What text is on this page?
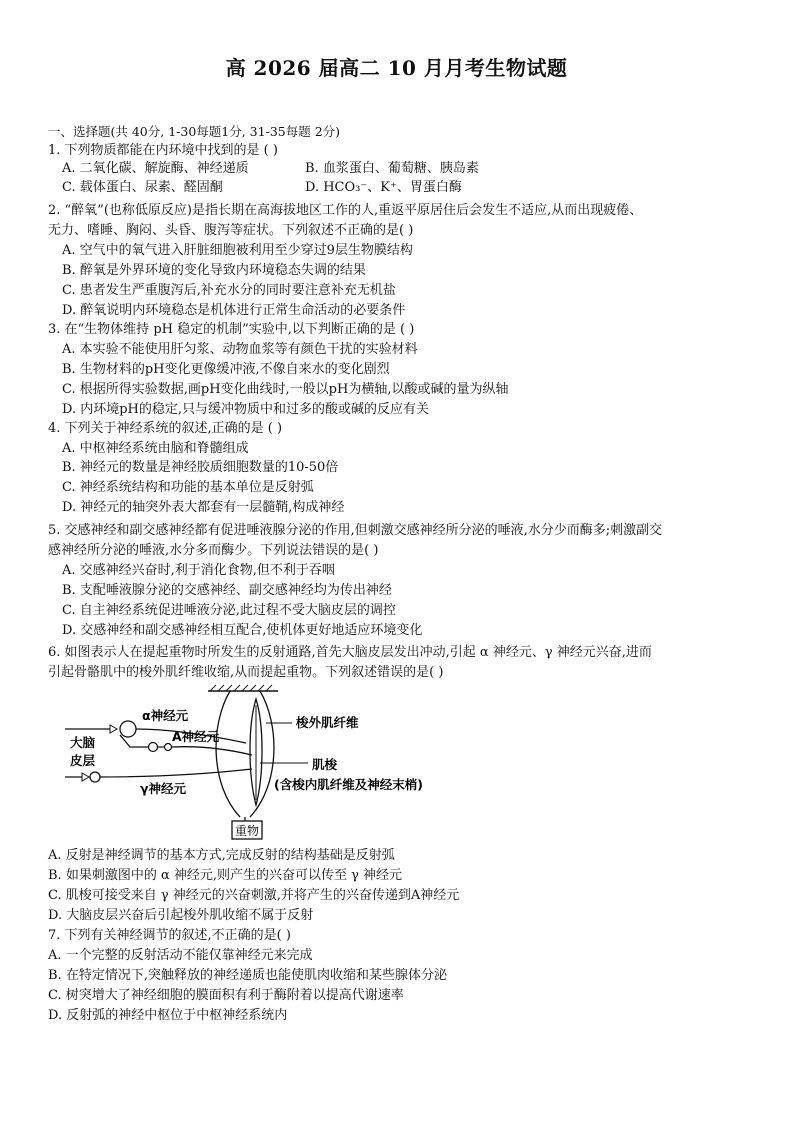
高 2026 届高二 10 月月考生物试题
一、选择题(共 40分, 1-30每题1分, 31-35每题 2分)
1. 下列物质都能在内环境中找到的是 ( )
A. 二氧化碳、解旋酶、神经递质	B. 血浆蛋白、葡萄糖、胰岛素
C. 载体蛋白、尿素、醛固酮	D. HCO₃⁻、K⁺、胃蛋白酶
2. “醉氧”(也称低原反应)是指长期在高海拔地区工作的人,重返平原居住后会发生不适应,从而出现疲倦、
无力、嗜睡、胸闷、头昏、腹泻等症状。下列叙述不正确的是( )
A. 空气中的氧气进入肝脏细胞被利用至少穿过9层生物膜结构
B. 醉氧是外界环境的变化导致内环境稳态失调的结果
C. 患者发生严重腹泻后,补充水分的同时要注意补充无机盐
D. 醉氧说明内环境稳态是机体进行正常生命活动的必要条件
3. 在“生物体维持 pH 稳定的机制”实验中,以下判断正确的是 ( )
A. 本实验不能使用肝匀浆、动物血浆等有颜色干扰的实验材料
B. 生物材料的pH变化更像缓冲液,不像自来水的变化剧烈
C. 根据所得实验数据,画pH变化曲线时,一般以pH为横轴,以酸或碱的量为纵轴
D. 内环境pH的稳定,只与缓冲物质中和过多的酸或碱的反应有关
4. 下列关于神经系统的叙述,正确的是 ( )
A. 中枢神经系统由脑和脊髓组成
B. 神经元的数量是神经胶质细胞数量的10-50倍
C. 神经系统结构和功能的基本单位是反射弧
D. 神经元的轴突外表大都套有一层髓鞘,构成神经
5. 交感神经和副交感神经都有促进唾液腺分泌的作用,但刺激交感神经所分泌的唾液,水分少而酶多;刺激副交
感神经所分泌的唾液,水分多而酶少。下列说法错误的是( )
A. 交感神经兴奋时,利于消化食物,但不利于吞咽
B. 支配唾液腺分泌的交感神经、副交感神经均为传出神经
C. 自主神经系统促进唾液分泌,此过程不受大脑皮层的调控
D. 交感神经和副交感神经相互配合,使机体更好地适应环境变化
6. 如图表示人在提起重物时所发生的反射通路,首先大脑皮层发出冲动,引起 α 神经元、γ 神经元兴奋,进而
引起骨骼肌中的梭外肌纤维收缩,从而提起重物。下列叙述错误的是( )
重物
α神经元
A神经元
大脑
皮层
γ神经元
梭外肌纤维
肌梭
(含梭内肌纤维及神经末梢)
A. 反射是神经调节的基本方式,完成反射的结构基础是反射弧
B. 如果刺激图中的 α 神经元,则产生的兴奋可以传至 γ 神经元
C. 肌梭可接受来自 γ 神经元的兴奋刺激,并将产生的兴奋传递到A神经元
D. 大脑皮层兴奋后引起梭外肌收缩不属于反射
7. 下列有关神经调节的叙述,不正确的是( )
A. 一个完整的反射活动不能仅靠神经元来完成
B. 在特定情况下,突触释放的神经递质也能使肌肉收缩和某些腺体分泌
C. 树突增大了神经细胞的膜面积有利于酶附着以提高代谢速率
D. 反射弧的神经中枢位于中枢神经系统内
